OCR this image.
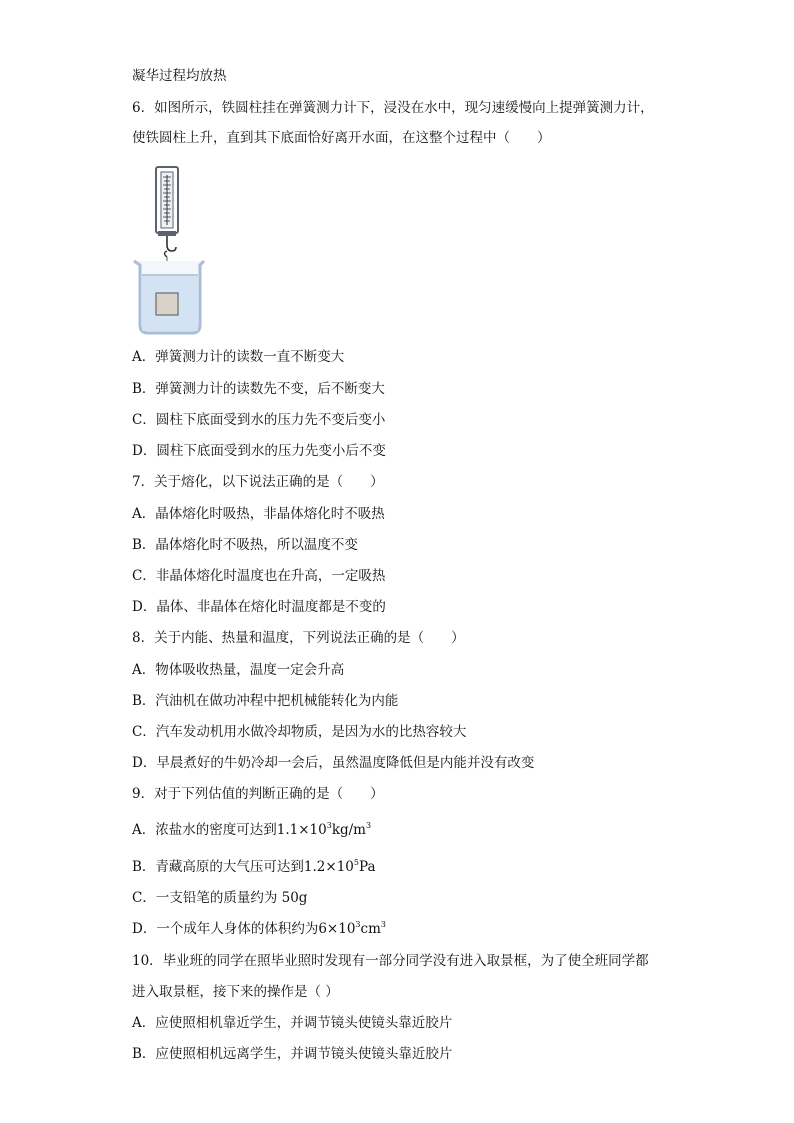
凝华过程均放热
6．如图所示，铁圆柱挂在弹簧测力计下，浸没在水中，现匀速缓慢向上提弹簧测力计，
使铁圆柱上升，直到其下底面恰好离开水面，在这整个过程中（　　）
A．弹簧测力计的读数一直不断变大
B．弹簧测力计的读数先不变，后不断变大
C．圆柱下底面受到水的压力先不变后变小
D．圆柱下底面受到水的压力先变小后不变
7．关于熔化，以下说法正确的是（　　）
A．晶体熔化时吸热，非晶体熔化时不吸热
B．晶体熔化时不吸热，所以温度不变
C．非晶体熔化时温度也在升高，一定吸热
D．晶体、非晶体在熔化时温度都是不变的
8．关于内能、热量和温度，下列说法正确的是（　　）
A．物体吸收热量，温度一定会升高
B．汽油机在做功冲程中把机械能转化为内能
C．汽车发动机用水做冷却物质，是因为水的比热容较大
D．早晨煮好的牛奶冷却一会后，虽然温度降低但是内能并没有改变
9．对于下列估值的判断正确的是（　　）
A．浓盐水的密度可达到$1.1\times 10^3kg/m^3$
B．青藏高原的大气压可达到$1.2\times 10^5Pa$
C．一支铅笔的质量约为 50g
D．一个成年人身体的体积约为$6\times 10^3cm^3$
10．毕业班的同学在照毕业照时发现有一部分同学没有进入取景框，为了使全班同学都
进入取景框，接下来的操作是（ ）
A．应使照相机靠近学生，并调节镜头使镜头靠近胶片
B．应使照相机远离学生，并调节镜头使镜头靠近胶片
